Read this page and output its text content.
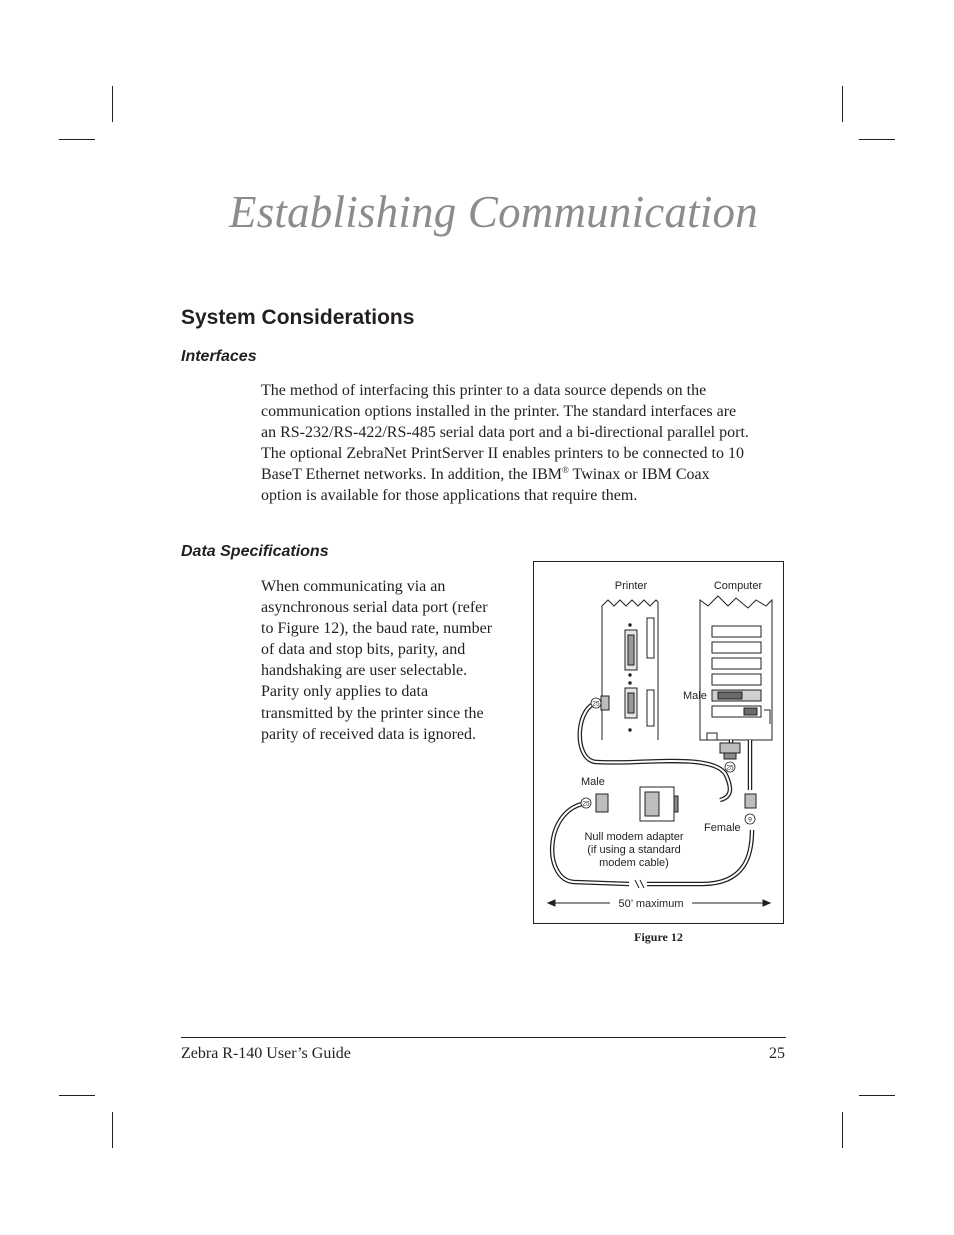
Establishing Communication
System Considerations
Interfaces

The method of interfacing this printer to a data source depends on the
communication options installed in the printer. The standard interfaces are
an RS-232/RS-422/RS-485 serial data port and a bi-directional parallel port.
The optional ZebraNet PrintServer II enables printers to be connected to 10
BaseT Ethernet networks. In addition, the IBM® Twinax or IBM Coax
option is available for those applications that require them.

Data Specifications

When communicating via an
asynchronous serial data port (refer
to Figure 12), the baud rate, number
of data and stop bits, parity, and
handshaking are user selectable.
Parity only applies to data
transmitted by the printer since the
parity of received data is ignored.

Printer	Computer
Male
25
25
25
9
Male
Female
Null modem adapter
(if using a standard
modem cable)
50’ maximum
Figure 12
Zebra R-140 User’s Guide	25
